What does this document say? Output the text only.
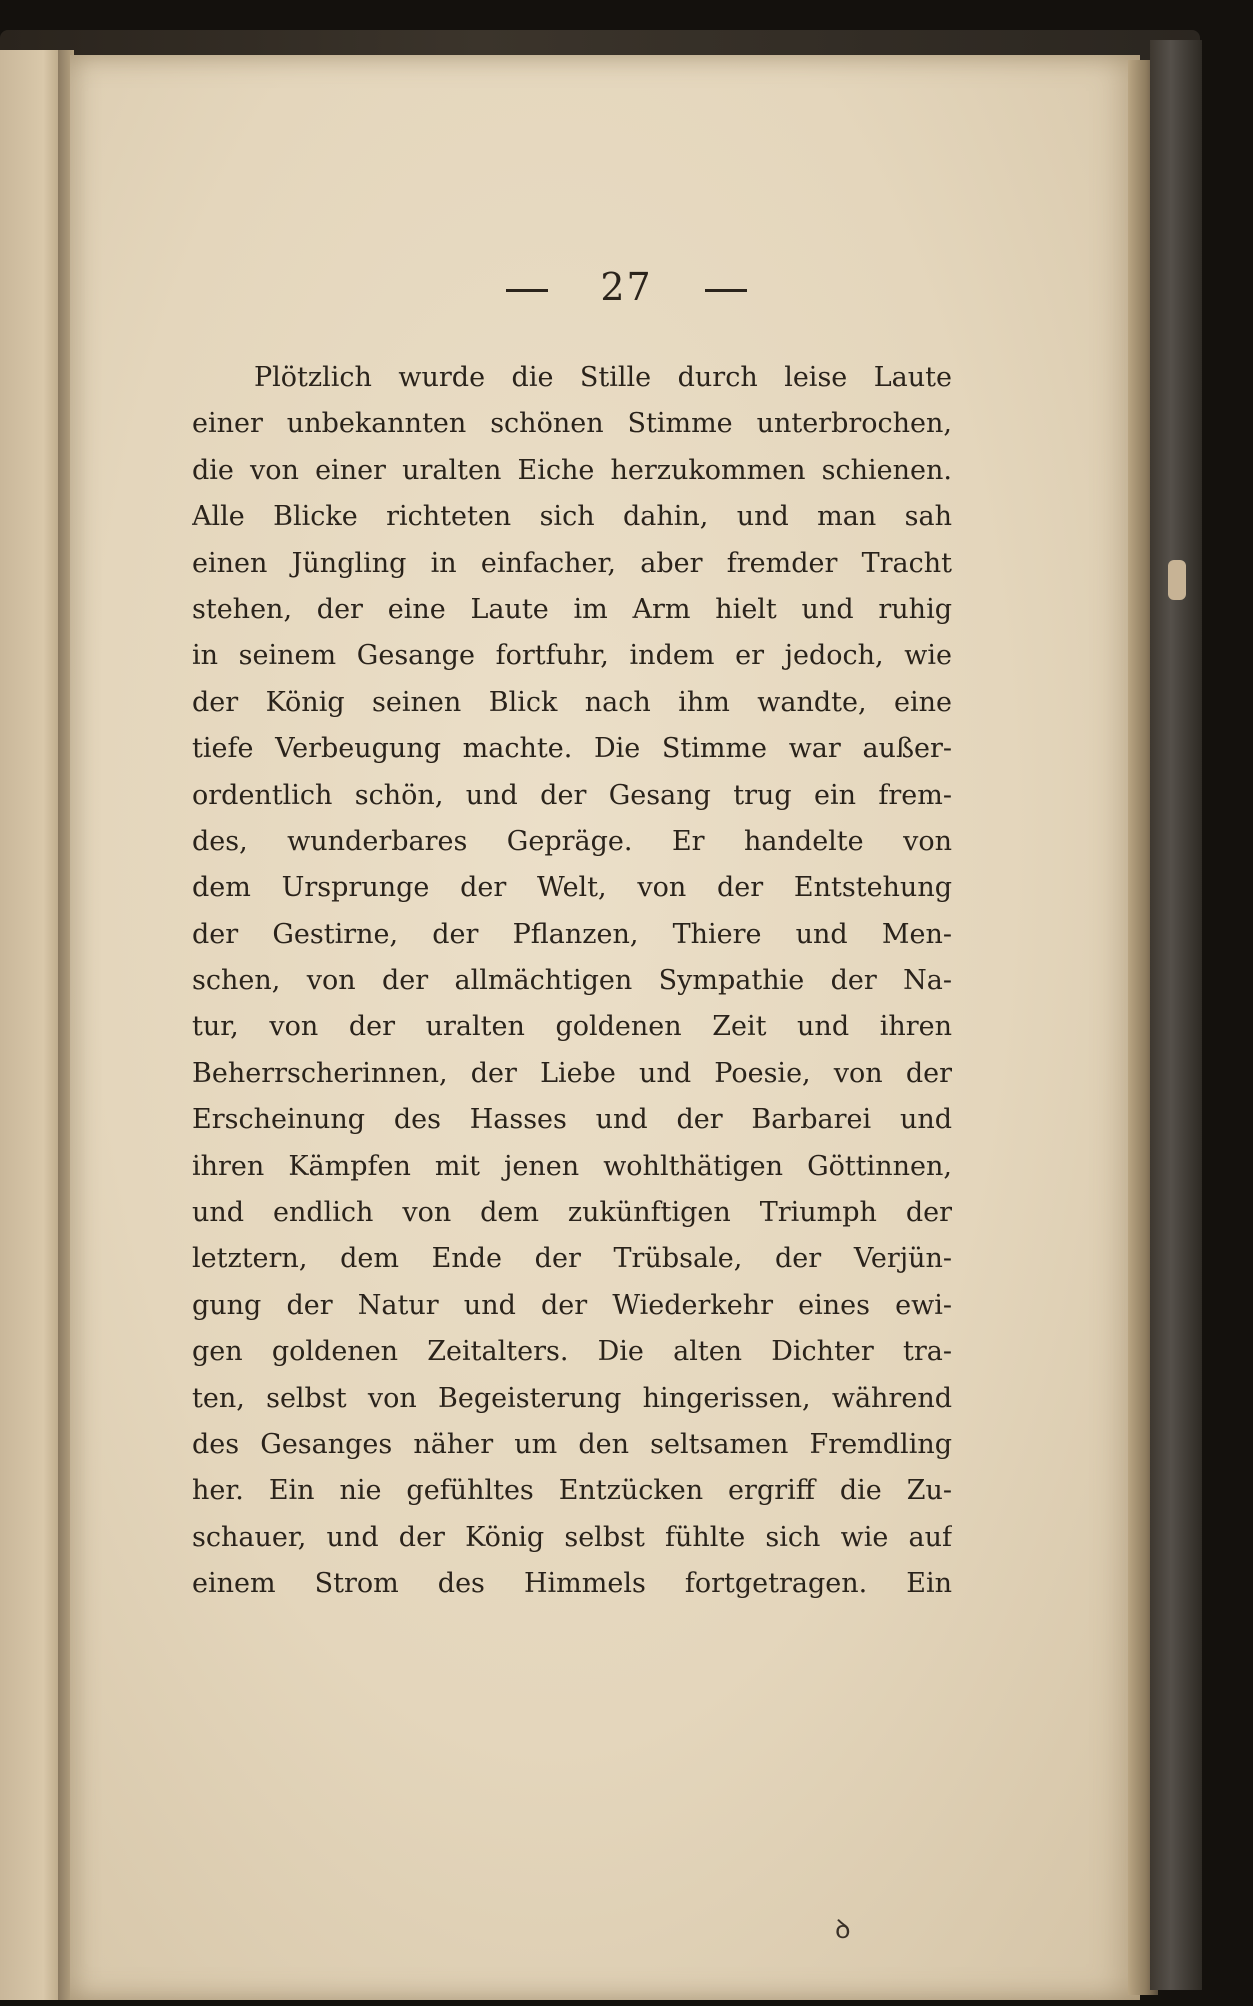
27
Plötzlich wurde die Stille durch leise Laute
einer unbekannten schönen Stimme unterbrochen,
die von einer uralten Eiche herzukommen schienen.
Alle Blicke richteten sich dahin, und man sah
einen Jüngling in einfacher, aber fremder Tracht
stehen, der eine Laute im Arm hielt und ruhig
in seinem Gesange fortfuhr, indem er jedoch, wie
der König seinen Blick nach ihm wandte, eine
tiefe Verbeugung machte. Die Stimme war außer-
ordentlich schön, und der Gesang trug ein frem-
des, wunderbares Gepräge. Er handelte von
dem Ursprunge der Welt, von der Entstehung
der Gestirne, der Pflanzen, Thiere und Men-
schen, von der allmächtigen Sympathie der Na-
tur, von der uralten goldenen Zeit und ihren
Beherrscherinnen, der Liebe und Poesie, von der
Erscheinung des Hasses und der Barbarei und
ihren Kämpfen mit jenen wohlthätigen Göttinnen,
und endlich von dem zukünftigen Triumph der
letztern, dem Ende der Trübsale, der Verjün-
gung der Natur und der Wiederkehr eines ewi-
gen goldenen Zeitalters. Die alten Dichter tra-
ten, selbst von Begeisterung hingerissen, während
des Gesanges näher um den seltsamen Fremdling
her. Ein nie gefühltes Entzücken ergriff die Zu-
schauer, und der König selbst fühlte sich wie auf
einem Strom des Himmels fortgetragen. Ein
ꝺ
